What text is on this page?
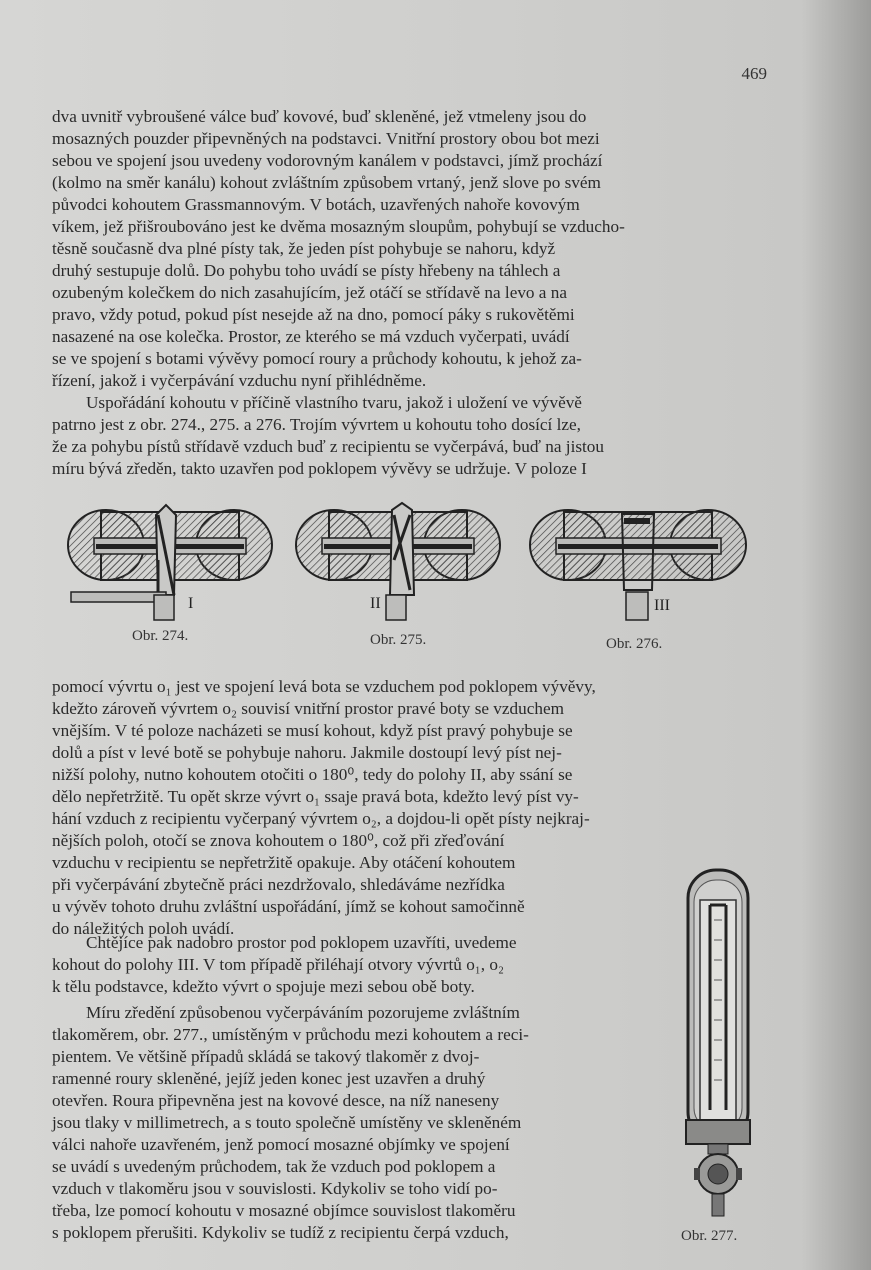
469

dva uvnitř vybroušené válce buď kovové, buď skleněné, jež vtmeleny jsou do
mosazných pouzder připevněných na podstavci. Vnitřní prostory obou bot mezi
sebou ve spojení jsou uvedeny vodorovným kanálem v podstavci, jímž prochází
(kolmo na směr kanálu) kohout zvláštním způsobem vrtaný, jenž slove po svém
původci kohoutem Grassmannovým. V botách, uzavřených nahoře kovovým
víkem, jež přišroubováno jest ke dvěma mosazným sloupům, pohybují se vzducho-
těsně současně dva plné písty tak, že jeden píst pohybuje se nahoru, když
druhý sestupuje dolů. Do pohybu toho uvádí se písty hřebeny na táhlech a
ozubeným kolečkem do nich zasahujícím, jež otáčí se střídavě na levo a na
pravo, vždy potud, pokud píst nesejde až na dno, pomocí páky s rukovětěmi
nasazené na ose kolečka. Prostor, ze kterého se má vzduch vyčerpati, uvádí
se ve spojení s botami vývěvy pomocí roury a průchody kohoutu, k jehož za-
řízení, jakož i vyčerpávání vzduchu nyní přihlédněme.

Uspořádání kohoutu v příčině vlastního tvaru, jakož i uložení ve vývěvě
patrno jest z obr. 274., 275. a 276. Trojím vývrtem u kohoutu toho dosící lze,
že za pohybu pístů střídavě vzduch buď z recipientu se vyčerpává, buď na jistou
míru bývá zředěn, takto uzavřen pod poklopem vývěvy se udržuje. V poloze I

I	II	III
Obr. 274.	Obr. 275.	Obr. 276.

pomocí vývrtu o₁ jest ve spojení levá bota se vzduchem pod poklopem vývěvy,
kdežto zároveň vývrtem o₂ souvisí vnitřní prostor pravé boty se vzduchem
vnějším. V té poloze nacházeti se musí kohout, když píst pravý pohybuje se
dolů a píst v levé botě se pohybuje nahoru. Jakmile dostoupí levý píst nej-
nižší polohy, nutno kohoutem otočiti o 180⁰, tedy do polohy II, aby ssání se
dělo nepřetržitě. Tu opět skrze vývrt o₁ ssaje pravá bota, kdežto levý píst vy-
hání vzduch z recipientu vyčerpaný vývrtem o₂, a dojdou-li opět písty nejkraj-
nějších poloh, otočí se znova kohoutem o 180⁰, což při zřeďování
vzduchu v recipientu se nepřetržitě opakuje. Aby otáčení kohoutem
při vyčerpávání zbytečně práci nezdržovalo, shledáváme nezřídka
u vývěv tohoto druhu zvláštní uspořádání, jímž se kohout samočinně
do náležitých poloh uvádí.

Chtějíce pak nadobro prostor pod poklopem uzavříti, uvedeme
kohout do polohy III. V tom případě přiléhají otvory vývrtů o₁, o₂
k tělu podstavce, kdežto vývrt o spojuje mezi sebou obě boty.

Míru zředění způsobenou vyčerpáváním pozorujeme zvláštním
tlakoměrem, obr. 277., umístěným v průchodu mezi kohoutem a reci-
pientem. Ve většině případů skládá se takový tlakoměr z dvoj-
ramenné roury skleněné, jejíž jeden konec jest uzavřen a druhý
otevřen. Roura připevněna jest na kovové desce, na níž naneseny
jsou tlaky v millimetrech, a s touto společně umístěny ve skleněném
válci nahoře uzavřeném, jenž pomocí mosazné objímky ve spojení
se uvádí s uvedeným průchodem, tak že vzduch pod poklopem a
vzduch v tlakoměru jsou v souvislosti. Kdykoliv se toho vidí po-
třeba, lze pomocí kohoutu v mosazné objímce souvislost tlakoměru
s poklopem přerušiti. Kdykoliv se tudíž z recipientu čerpá vzduch,	Obr. 277.
